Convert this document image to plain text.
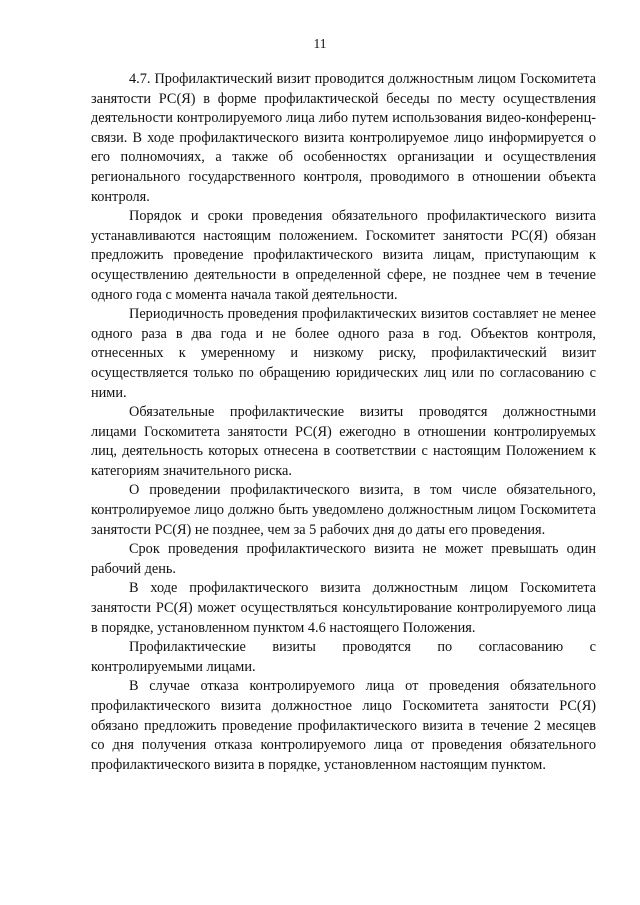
11

4.7. Профилактический визит проводится должностным лицом Госкомитета занятости РС(Я) в форме профилактической беседы по месту осуществления деятельности контролируемого лица либо путем использования видео-конференц-связи. В ходе профилактического визита контролируемое лицо информируется о его полномочиях, а также об особенностях организации и осуществления регионального государственного контроля, проводимого в отношении объекта контроля.

Порядок и сроки проведения обязательного профилактического визита устанавливаются настоящим положением. Госкомитет занятости РС(Я) обязан предложить проведение профилактического визита лицам, приступающим к осуществлению деятельности в определенной сфере, не позднее чем в течение одного года с момента начала такой деятельности.

Периодичность проведения профилактических визитов составляет не менее одного раза в два года и не более одного раза в год. Объектов контроля, отнесенных к умеренному и низкому риску, профилактический визит осуществляется только по обращению юридических лиц или по согласованию с ними.

Обязательные профилактические визиты проводятся должностными лицами Госкомитета занятости РС(Я) ежегодно в отношении контролируемых лиц, деятельность которых отнесена в соответствии с настоящим Положением к категориям значительного риска.

О проведении профилактического визита, в том числе обязательного, контролируемое лицо должно быть уведомлено должностным лицом Госкомитета занятости РС(Я) не позднее, чем за 5 рабочих дня до даты его проведения.

Срок проведения профилактического визита не может превышать один рабочий день.

В ходе профилактического визита должностным лицом Госкомитета занятости РС(Я) может осуществляться консультирование контролируемого лица в порядке, установленном пунктом 4.6 настоящего Положения.

Профилактические визиты проводятся по согласованию с контролируемыми лицами.

В случае отказа контролируемого лица от проведения обязательного профилактического визита должностное лицо Госкомитета занятости РС(Я) обязано предложить проведение профилактического визита в течение 2 месяцев со дня получения отказа контролируемого лица от проведения обязательного профилактического визита в порядке, установленном настоящим пунктом.
